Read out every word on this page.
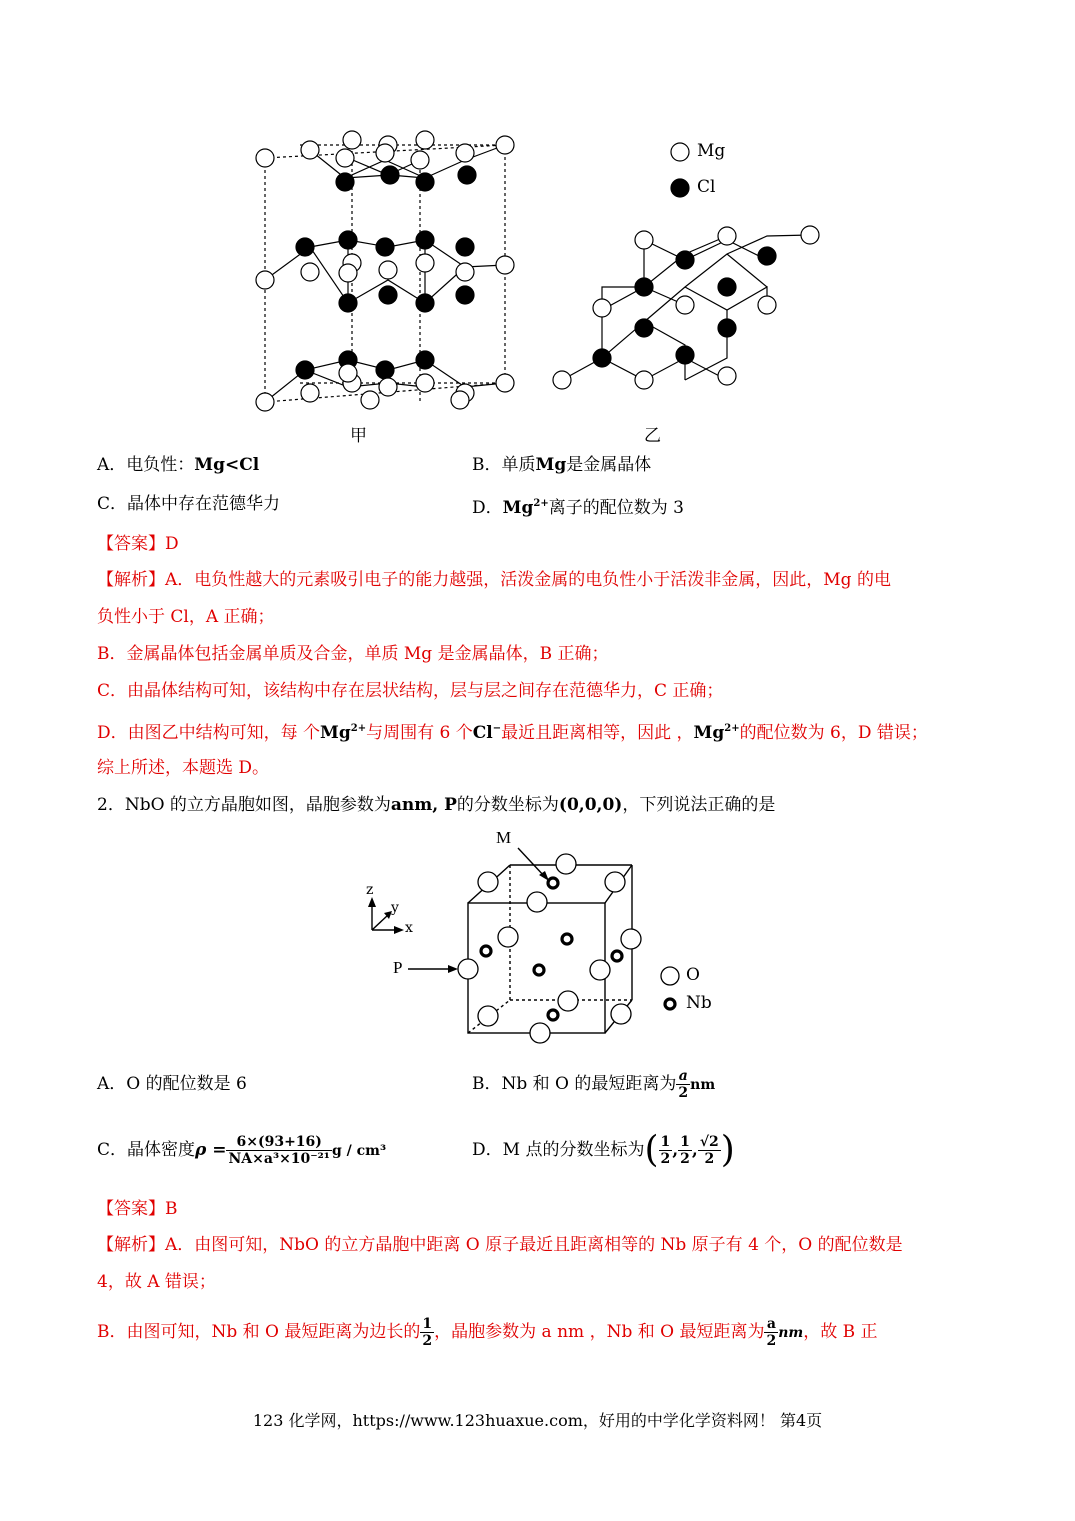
Mg
Cl
甲	乙
A．电负性：Mg<Cl	B．单质Mg是金属晶体
C．晶体中存在范德华力	D．$Mg^{2+}$离子的配位数为 3
【答案】D
【解析】A．电负性越大的元素吸引电子的能力越强，活泼金属的电负性小于活泼非金属，因此，Mg 的电
负性小于 Cl，A 正确；
B．金属晶体包括金属单质及合金，单质 Mg 是金属晶体，B 正确；
C．由晶体结构可知，该结构中存在层状结构，层与层之间存在范德华力，C 正确；
D．由图乙中结构可知，每 个$Mg^{2+}$与周围有 6 个Cl−最近且距离相等，因此 ，$Mg^{2+}$的配位数为 6，D 错误；
综上所述，本题选 D。
2．NbO 的立方晶胞如图，晶胞参数为anm, P的分数坐标为(0,0,0)，下列说法正确的是
M
P
z
y
x
O
Nb
A．O 的配位数是 6	B．Nb 和 O 的最短距离为 $\frac{a}{2}$ nm
C．晶体密度$\rho = \frac{6\times(93+16)}{\text{NA×a³×10⁻²¹}}$ g / cm³	D．M 点的分数坐标为( $\frac{1}{2}$ , $\frac{1}{2}$ , $\frac{√2}{2}$ )
【答案】B
【解析】A．由图可知，NbO 的立方晶胞中距离 O 原子最近且距离相等的 Nb 原子有 4 个，O 的配位数是
4，故 A 错误；
B．由图可知，Nb 和 O 最短距离为边长的 $\frac{1}{2}$ ，晶胞参数为 a nm ，Nb 和 O 最短距离为 $\frac{a}{2}$ nm，故 B 正
123 化学网，https://www.123huaxue.com，好用的中学化学资料网！ 第4页
